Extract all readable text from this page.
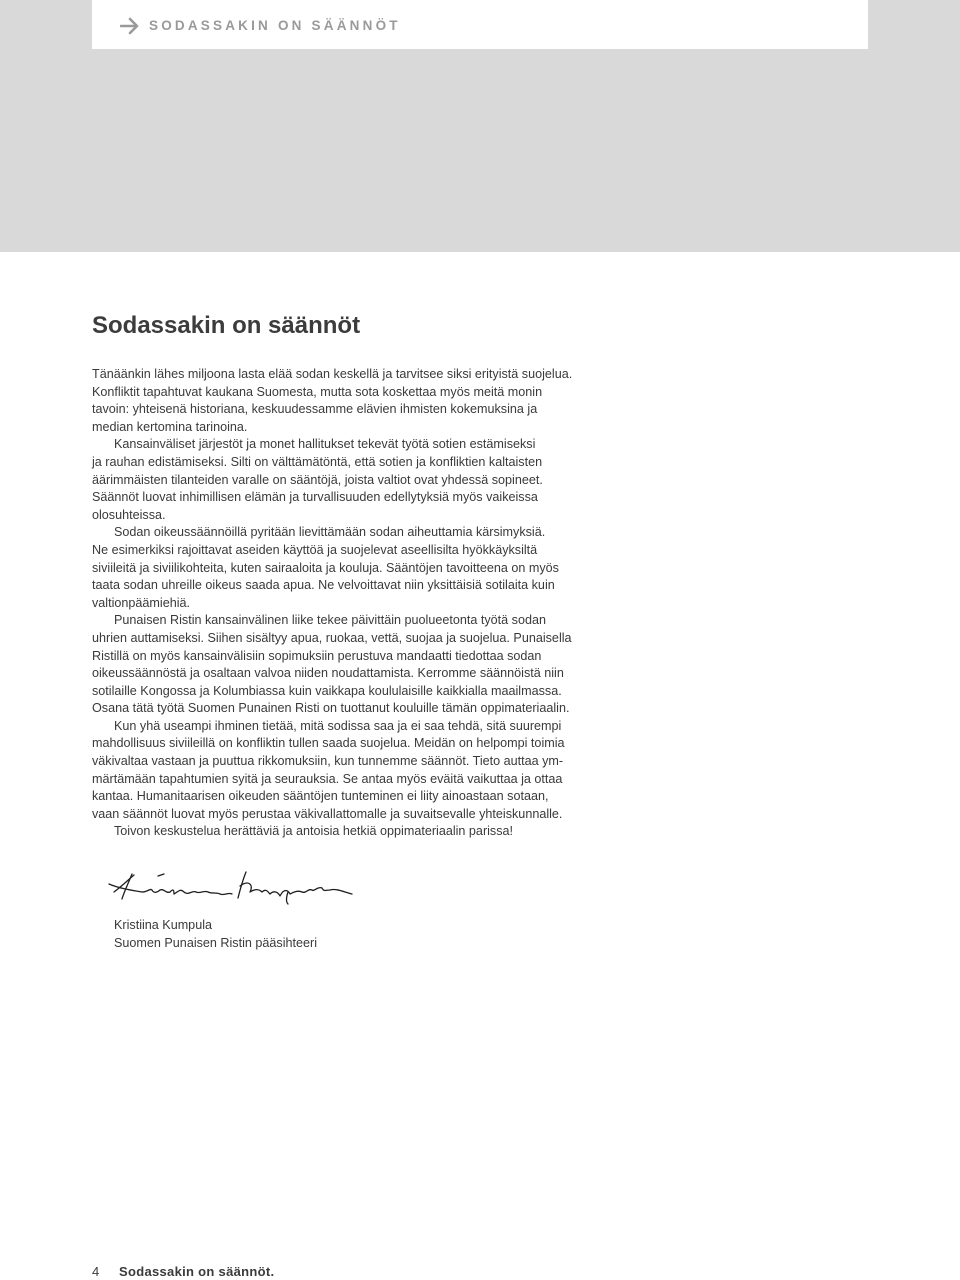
SODASSAKIN ON SÄÄNNÖT
Sodassakin on säännöt
Tänäänkin lähes miljoona lasta elää sodan keskellä ja tarvitsee siksi erityistä suojelua.
Konfliktit tapahtuvat kaukana Suomesta, mutta sota koskettaa myös meitä monin
tavoin: yhteisenä historiana, keskuudessamme elävien ihmisten kokemuksina ja
median kertomina tarinoina.
Kansainväliset järjestöt ja monet hallitukset tekevät työtä sotien estämiseksi
ja rauhan edistämiseksi. Silti on välttämätöntä, että sotien ja konfliktien kaltaisten
äärimmäisten tilanteiden varalle on sääntöjä, joista valtiot ovat yhdessä sopineet.
Säännöt luovat inhimillisen elämän ja turvallisuuden edellytyksiä myös vaikeissa
olosuhteissa.
Sodan oikeussäännöillä pyritään lievittämään sodan aiheuttamia kärsimyksiä.
Ne esimerkiksi rajoittavat aseiden käyttöä ja suojelevat aseellisilta hyökkäyksiltä
siviileitä ja siviilikohteita, kuten sairaaloita ja kouluja. Sääntöjen tavoitteena on myös
taata sodan uhreille oikeus saada apua. Ne velvoittavat niin yksittäisiä sotilaita kuin
valtionpäämiehiä.
Punaisen Ristin kansainvälinen liike tekee päivittäin puolueetonta työtä sodan
uhrien auttamiseksi. Siihen sisältyy apua, ruokaa, vettä, suojaa ja suojelua. Punaisella
Ristillä on myös kansainvälisiin sopimuksiin perustuva mandaatti tiedottaa sodan
oikeussäännöstä ja osaltaan valvoa niiden noudattamista. Kerromme säännöistä niin
sotilaille Kongossa ja Kolumbiassa kuin vaikkapa koululaisille kaikkialla maailmassa.
Osana tätä työtä Suomen Punainen Risti on tuottanut kouluille tämän oppimateriaalin.
Kun yhä useampi ihminen tietää, mitä sodissa saa ja ei saa tehdä, sitä suurempi
mahdollisuus siviileillä on konfliktin tullen saada suojelua. Meidän on helpompi toimia
väkivaltaa vastaan ja puuttua rikkomuksiin, kun tunnemme säännöt. Tieto auttaa ym-
märtämään tapahtumien syitä ja seurauksia. Se antaa myös eväitä vaikuttaa ja ottaa
kantaa. Humanitaarisen oikeuden sääntöjen tunteminen ei liity ainoastaan sotaan,
vaan säännöt luovat myös perustaa väkivallattomalle ja suvaitsevalle yhteiskunnalle.
Toivon keskustelua herättäviä ja antoisia hetkiä oppimateriaalin parissa!
Kristiina Kumpula
Suomen Punaisen Ristin pääsihteeri
4 Sodassakin on säännöt.
